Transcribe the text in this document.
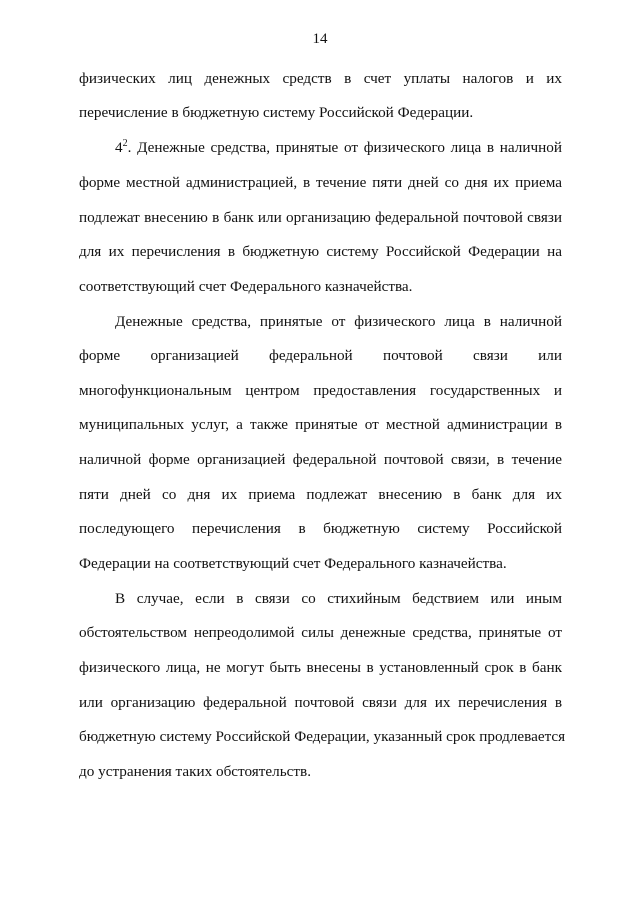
14
физических лиц денежных средств в счет уплаты налогов и их
перечисление в бюджетную систему Российской Федерации.
$4^2$. Денежные средства, принятые от физического лица в наличной
форме местной администрацией, в течение пяти дней со дня их приема
подлежат внесению в банк или организацию федеральной почтовой связи
для их перечисления в бюджетную систему Российской Федерации на
соответствующий счет Федерального казначейства.
Денежные средства, принятые от физического лица в наличной
форме организацией федеральной почтовой связи или
многофункциональным центром предоставления государственных и
муниципальных услуг, а также принятые от местной администрации в
наличной форме организацией федеральной почтовой связи, в течение
пяти дней со дня их приема подлежат внесению в банк для их
последующего перечисления в бюджетную систему Российской
Федерации на соответствующий счет Федерального казначейства.
В случае, если в связи со стихийным бедствием или иным
обстоятельством непреодолимой силы денежные средства, принятые от
физического лица, не могут быть внесены в установленный срок в банк
или организацию федеральной почтовой связи для их перечисления в
бюджетную систему Российской Федерации, указанный срок продлевается
до устранения таких обстоятельств.
